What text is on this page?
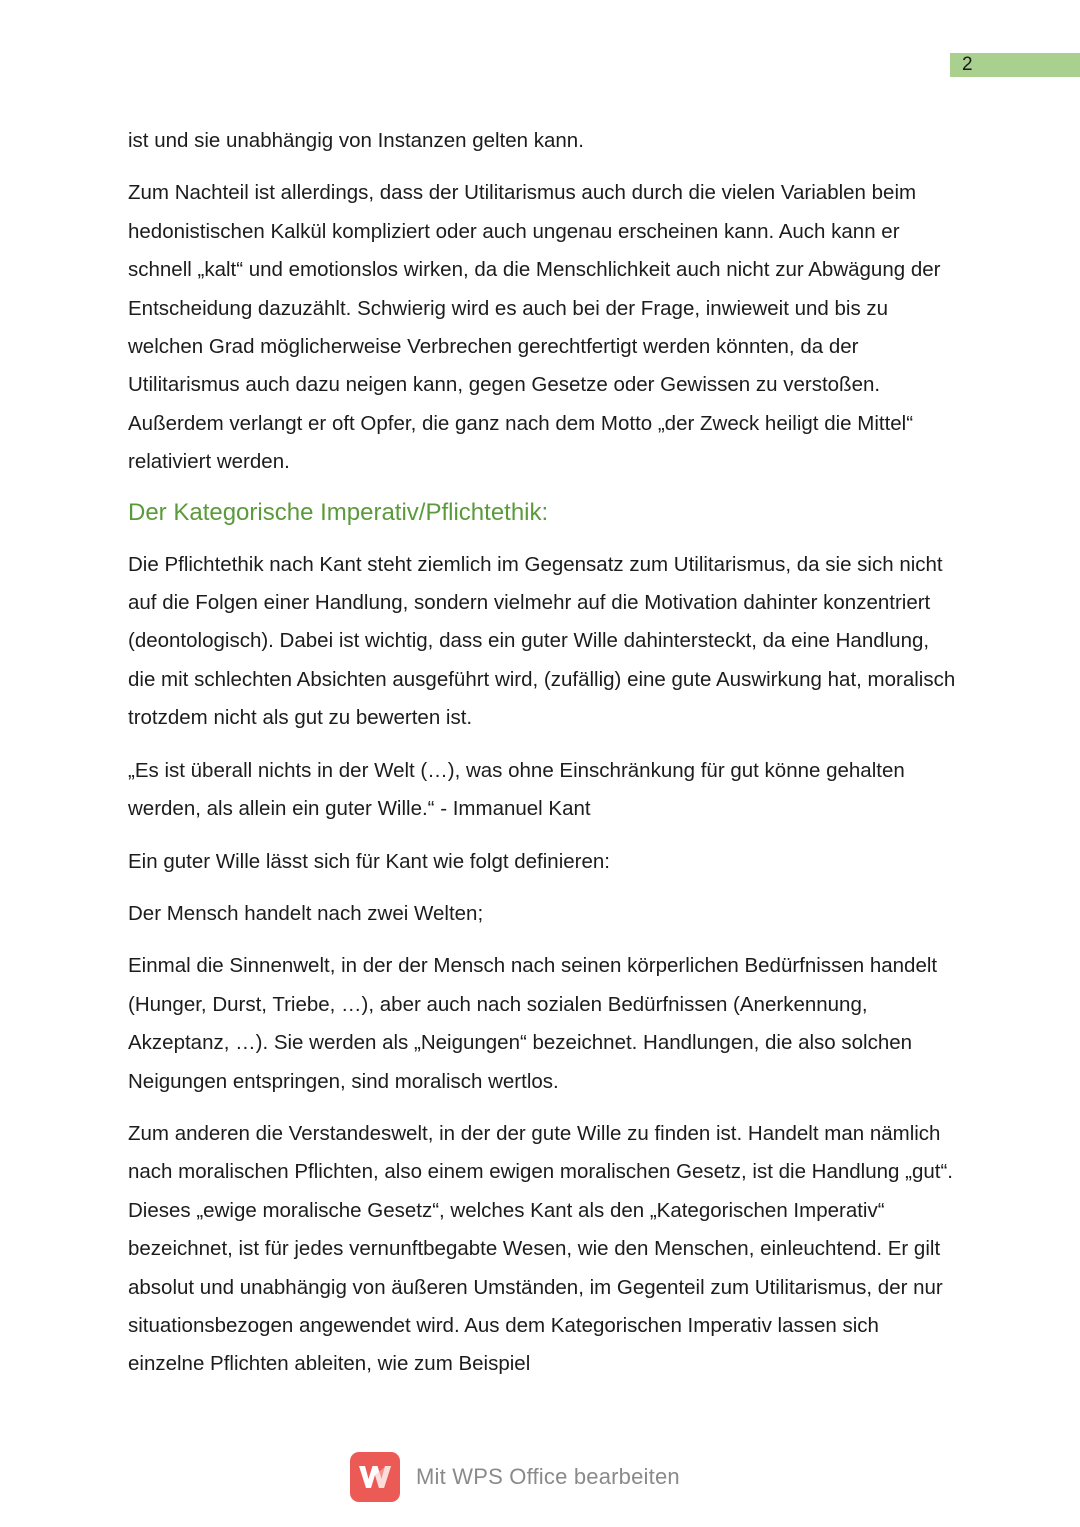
2

ist und sie unabhängig von Instanzen gelten kann.

Zum Nachteil ist allerdings, dass der Utilitarismus auch durch die vielen Variablen beim hedonistischen Kalkül kompliziert oder auch ungenau erscheinen kann. Auch kann er schnell „kalt“ und emotionslos wirken, da die Menschlichkeit auch nicht zur Abwägung der Entscheidung dazuzählt. Schwierig wird es auch bei der Frage, inwieweit und bis zu welchen Grad möglicherweise Verbrechen gerechtfertigt werden könnten, da der Utilitarismus auch dazu neigen kann, gegen Gesetze oder Gewissen zu verstoßen. Außerdem verlangt er oft Opfer, die ganz nach dem Motto „der Zweck heiligt die Mittel“ relativiert werden.

Der Kategorische Imperativ/Pflichtethik:

Die Pflichtethik nach Kant steht ziemlich im Gegensatz zum Utilitarismus, da sie sich nicht auf die Folgen einer Handlung, sondern vielmehr auf die Motivation dahinter konzentriert (deontologisch). Dabei ist wichtig, dass ein guter Wille dahintersteckt, da eine Handlung, die mit schlechten Absichten ausgeführt wird, (zufällig) eine gute Auswirkung hat, moralisch trotzdem nicht als gut zu bewerten ist.

„Es ist überall nichts in der Welt (…), was ohne Einschränkung für gut könne gehalten werden, als allein ein guter Wille.“ - Immanuel Kant

Ein guter Wille lässt sich für Kant wie folgt definieren:

Der Mensch handelt nach zwei Welten;

Einmal die Sinnenwelt, in der der Mensch nach seinen körperlichen Bedürfnissen handelt (Hunger, Durst, Triebe, …), aber auch nach sozialen Bedürfnissen (Anerkennung, Akzeptanz, …). Sie werden als „Neigungen“ bezeichnet. Handlungen, die also solchen Neigungen entspringen, sind moralisch wertlos.

Zum anderen die Verstandeswelt, in der der gute Wille zu finden ist. Handelt man nämlich nach moralischen Pflichten, also einem ewigen moralischen Gesetz, ist die Handlung „gut“. Dieses „ewige moralische Gesetz“, welches Kant als den „Kategorischen Imperativ“ bezeichnet, ist für jedes vernunftbegabte Wesen, wie den Menschen, einleuchtend. Er gilt absolut und unabhängig von äußeren Umständen, im Gegenteil zum Utilitarismus, der nur situationsbezogen angewendet wird. Aus dem Kategorischen Imperativ lassen sich einzelne Pflichten ableiten, wie zum Beispiel

Mit WPS Office bearbeiten
